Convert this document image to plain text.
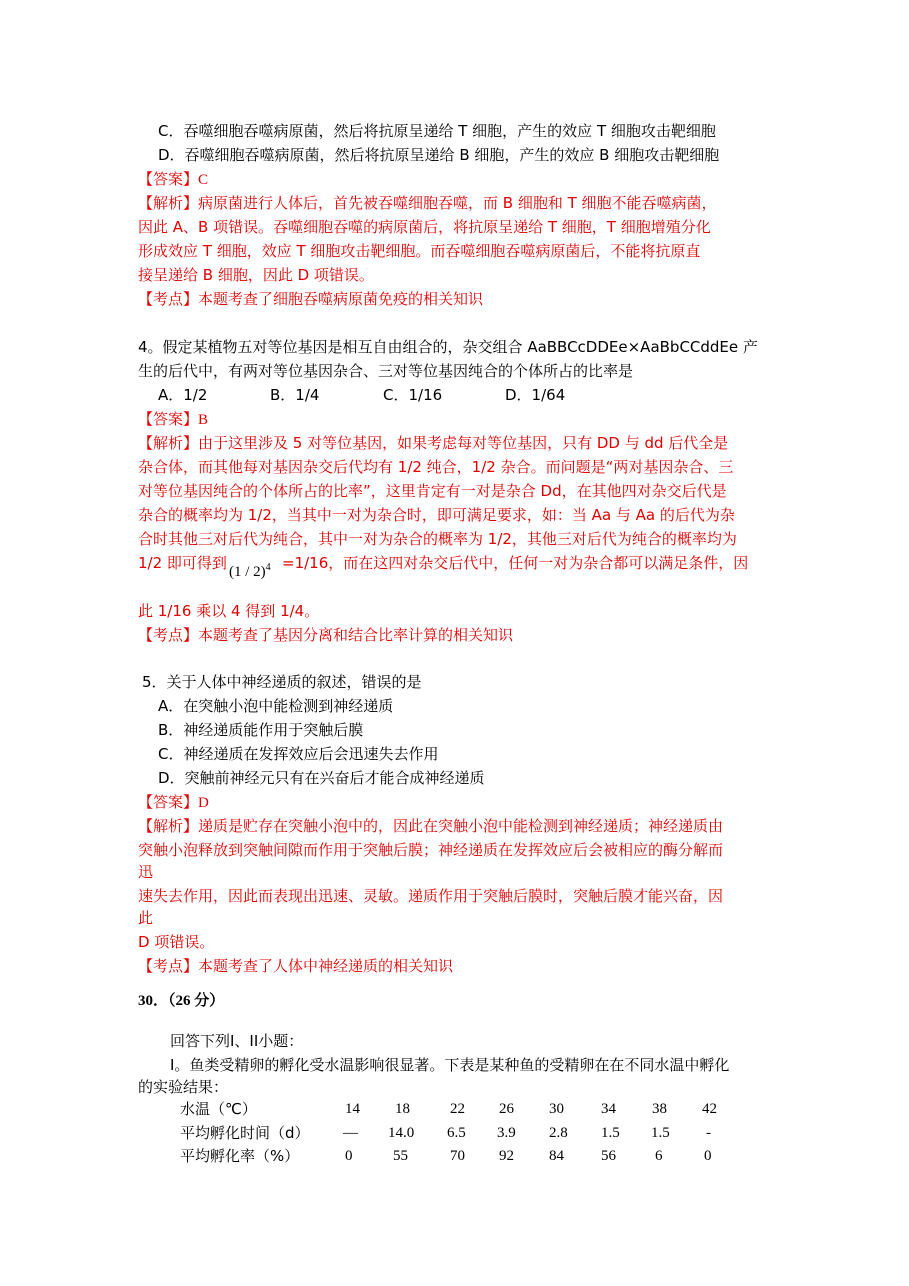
C．吞噬细胞吞噬病原菌，然后将抗原呈递给 T 细胞，产生的效应 T 细胞攻击靶细胞
D．吞噬细胞吞噬病原菌，然后将抗原呈递给 B 细胞，产生的效应 B 细胞攻击靶细胞
【答案】C
【解析】病原菌进行人体后，首先被吞噬细胞吞噬，而 B 细胞和 T 细胞不能吞噬病菌，
因此 A、B 项错误。吞噬细胞吞噬的病原菌后，将抗原呈递给 T 细胞，T 细胞增殖分化
形成效应 T 细胞，效应 T 细胞攻击靶细胞。而吞噬细胞吞噬病原菌后，不能将抗原直
接呈递给 B 细胞，因此 D 项错误。
【考点】本题考查了细胞吞噬病原菌免疫的相关知识
4。假定某植物五对等位基因是相互自由组合的，杂交组合 AaBBCcDDEe×AaBbCCddEe 产
生的后代中，有两对等位基因杂合、三对等位基因纯合的个体所占的比率是
A．1/2	B．1/4	C．1/16	D．1/64
【答案】B
【解析】由于这里涉及 5 对等位基因，如果考虑每对等位基因，只有 DD 与 dd 后代全是
杂合体，而其他每对基因杂交后代均有 1/2 纯合，1/2 杂合。而问题是“两对基因杂合、三
对等位基因纯合的个体所占的比率”，这里肯定有一对是杂合 Dd，在其他四对杂交后代是
杂合的概率均为 1/2，当其中一对为杂合时，即可满足要求，如：当 Aa 与 Aa 的后代为杂
合时其他三对后代为纯合，其中一对为杂合的概率为 1/2，其他三对后代为纯合的概率均为
1/2 即可得到 (1 / 2)$^4$ =1/16，而在这四对杂交后代中，任何一对为杂合都可以满足条件，因
此 1/16 乘以 4 得到 1/4。
【考点】本题考查了基因分离和结合比率计算的相关知识
5．关于人体中神经递质的叙述，错误的是
A．在突触小泡中能检测到神经递质
B．神经递质能作用于突触后膜
C．神经递质在发挥效应后会迅速失去作用
D．突触前神经元只有在兴奋后才能合成神经递质
【答案】D
【解析】递质是贮存在突触小泡中的，因此在突触小泡中能检测到神经递质；神经递质由
突触小泡释放到突触间隙而作用于突触后膜；神经递质在发挥效应后会被相应的酶分解而
迅
速失去作用，因此而表现出迅速、灵敏。递质作用于突触后膜时，突触后膜才能兴奋，因
此
D 项错误。
【考点】本题考查了人体中神经递质的相关知识
30．（26 分）
回答下列I、II小题：
I。鱼类受精卵的孵化受水温影响很显著。下表是某种鱼的受精卵在在不同水温中孵化
的实验结果：
水温（℃）	14 18	22 26 30 34 38 42
平均孵化时间（d） — 14.0 6.5 3.9 2.8 1.5 1.5 -
平均孵化率（%）	0	55	70 92 84 56	6	0
